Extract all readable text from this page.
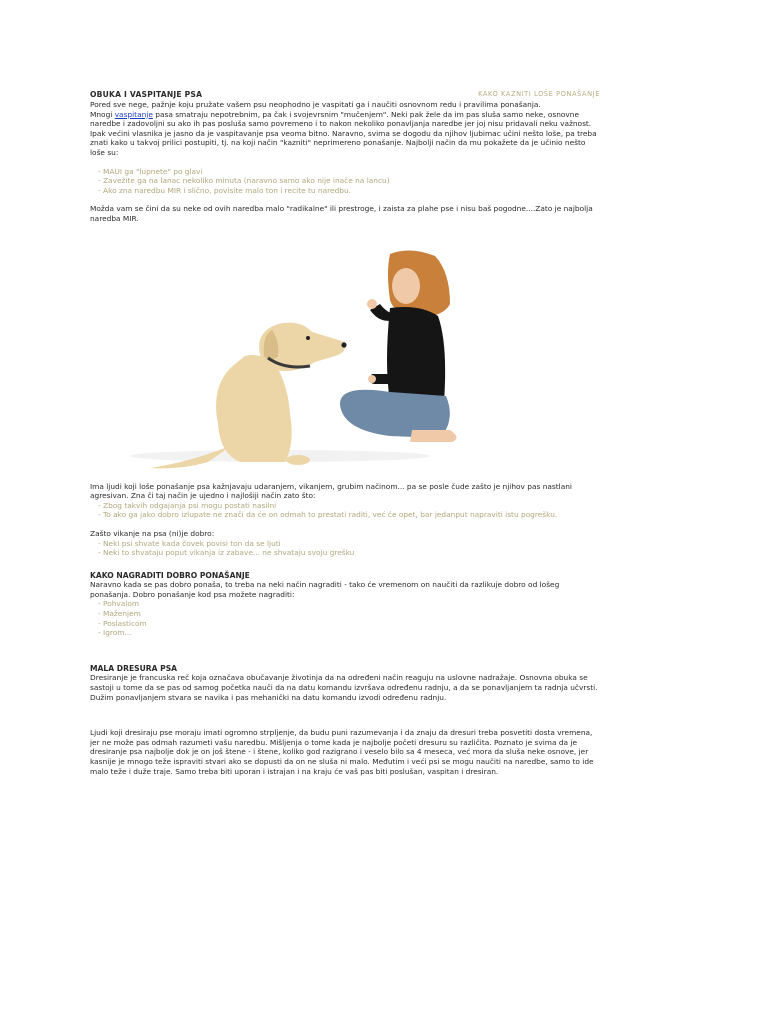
OBUKA I VASPITANJE PSA	KAKO KAZNITI LOŠE PONAŠANJE

Pored sve nege, pažnje koju pružate vašem psu neophodno je vaspitati ga i naučiti osnovnom redu i pravilima ponašanja.

Mnogi vaspitanje pasa smatraju nepotrebnim, pa čak i svojevrsnim "mučenjem". Neki pak žele da im pas sluša samo neke, osnovne naredbe i zadovoljni su ako ih pas posluša samo povremeno i to nakon nekoliko ponavljanja naredbe jer joj nisu pridavali neku važnost. Ipak većini vlasnika je jasno da je vaspitavanje psa veoma bitno. Naravno, svima se dogodu da njihov ljubimac učini nešto loše, pa treba znati kako u takvoj prilici postupiti, tj. na koji način "kazniti" neprimereno ponašanje. Najbolji način da mu pokažete da je učinio nešto loše su:

- MAUI ga "lupnete" po glavi
- Zavežite ga na lanac nekoliko minuta (naravno samo ako nije inače na lancu)
- Ako zna naredbu MIR i slično, povisite malo ton i recite tu naredbu.

Možda vam se čini da su neke od ovih naredba malo "radikalne" ili prestroge, i zaista za plahe pse i nisu baš pogodne....Zato je najbolja naredba MIR.

Ima ljudi koji loše ponašanje psa kažnjavaju udaranjem, vikanjem, grubim načinom... pa se posle čude zašto je njihov pas nastlani agresivan. Zna či taj način je ujedno i najlošiji način zato što:

- Zbog takvih odgajanja psi mogu postati nasilni
- To ako ga jako dobro izlupate ne znači da će on odmah to prestati raditi, već će opet, bar jedanput napraviti istu pogrešku.

Zašto vikanje na psa (ni)je dobro:

- Neki psi shvate kada čovek povisi ton da se ljuti
- Neki to shvataju poput vikanja iz zabave... ne shvataju svoju grešku

KAKO NAGRADITI DOBRO PONAŠANJE

Naravno kada se pas dobro ponaša, to treba na neki način nagraditi - tako će vremenom on naučiti da razlikuje dobro od lošeg ponašanja. Dobro ponašanje kod psa možete nagraditi:

- Pohvalom
- Maženjem
- Poslasticom
- Igrom...

MALA DRESURA PSA

Dresiranje je francuska reč koja označava obučavanje životinja da na određeni način reaguju na uslovne nadražaje. Osnovna obuka se sastoji u tome da se pas od samog početka nauči da na datu komandu izvršava određenu radnju, a da se ponavljanjem ta radnja učvrsti. Dužim ponavljanjem stvara se navika i pas mehanički na datu komandu izvodi određenu radnju.

Ljudi koji dresiraju pse moraju imati ogromno strpljenje, da budu puni razumevanja i da znaju da dresuri treba posvetiti dosta vremena, jer ne može pas odmah razumeti vašu naredbu. Mišljenja o tome kada je najbolje početi dresuru su različita. Poznato je svima da je dresiranje psa najbolje dok je on još štene - i štene, koliko god razigrano i veselo bilo sa 4 meseca, već mora da sluša neke osnove, jer kasnije je mnogo teže ispraviti stvari ako se dopusti da on ne sluša ni malo. Međutim i veći psi se mogu naučiti na naredbe, samo to ide malo teže i duže traje. Samo treba biti uporan i istrajan i na kraju će vaš pas biti poslušan, vaspitan i dresiran.
